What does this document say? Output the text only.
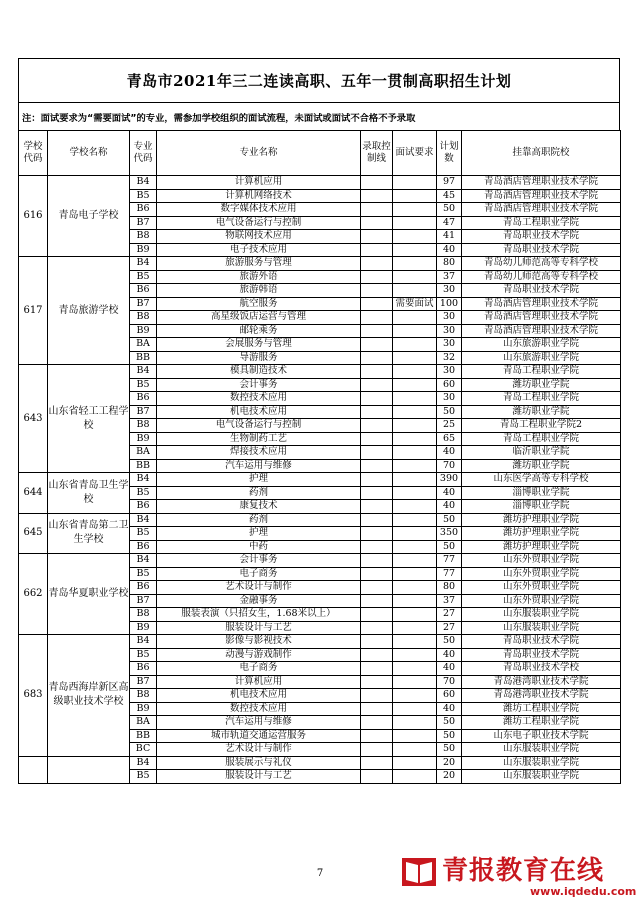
青岛市2021年三二连读高职、五年一贯制高职招生计划
注：面试要求为“需要面试”的专业，需参加学校组织的面试流程，未面试或面试不合格不予录取
学校代码	学校名称	专业代码	专业名称	录取控制线	面试要求	计划数	挂靠高职院校
616	青岛电子学校	B4	计算机应用			97	青岛酒店管理职业技术学院
		B5	计算机网络技术			45	青岛酒店管理职业技术学院
		B6	数字媒体技术应用			50	青岛酒店管理职业技术学院
		B7	电气设备运行与控制			47	青岛工程职业学院
		B8	物联网技术应用			41	青岛职业技术学院
		B9	电子技术应用			40	青岛职业技术学院
617	青岛旅游学校	B4	旅游服务与管理			80	青岛幼儿师范高等专科学校
		B5	旅游外语			37	青岛幼儿师范高等专科学校
		B6	旅游韩语			30	青岛职业技术学院
		B7	航空服务		需要面试	100	青岛酒店管理职业技术学院
		B8	高星级饭店运营与管理			30	青岛酒店管理职业技术学院
		B9	邮轮乘务			30	青岛酒店管理职业技术学院
		BA	会展服务与管理			30	山东旅游职业学院
		BB	导游服务			32	山东旅游职业学院
643	山东省轻工工程学校	B4	模具制造技术			30	青岛工程职业学院
		B5	会计事务			60	潍坊职业学院
		B6	数控技术应用			30	青岛工程职业学院
		B7	机电技术应用			50	潍坊职业学院
		B8	电气设备运行与控制			25	青岛工程职业学院2
		B9	生物制药工艺			65	青岛工程职业学院
		BA	焊接技术应用			40	临沂职业学院
		BB	汽车运用与维修			70	潍坊职业学院
644	山东省青岛卫生学校	B4	护理			390	山东医学高等专科学校
		B5	药剂			40	淄博职业学院
		B6	康复技术			40	淄博职业学院
645	山东省青岛第二卫生学校	B4	药剂			50	潍坊护理职业学院
		B5	护理			350	潍坊护理职业学院
		B6	中药			50	潍坊护理职业学院
662	青岛华夏职业学校	B4	会计事务			77	山东外贸职业学院
		B5	电子商务			77	山东外贸职业学院
		B6	艺术设计与制作			80	山东外贸职业学院
		B7	金融事务			37	山东外贸职业学院
		B8	服装表演（只招女生，1.68米以上）			27	山东服装职业学院
		B9	服装设计与工艺			27	山东服装职业学院
683	青岛西海岸新区高级职业技术学校	B4	影像与影视技术			50	青岛职业技术学院
		B5	动漫与游戏制作			40	青岛职业技术学院
		B6	电子商务			40	青岛职业技术学校
		B7	计算机应用			70	青岛港湾职业技术学院
		B8	机电技术应用			60	青岛港湾职业技术学院
		B9	数控技术应用			40	潍坊工程职业学院
		BA	汽车运用与维修			50	潍坊工程职业学院
		BB	城市轨道交通运营服务			50	山东电子职业技术学院
		BC	艺术设计与制作			50	山东服装职业学院
		B4	服装展示与礼仪			20	山东服装职业学院
		B5	服装设计与工艺			20	山东服装职业学院
7	青报教育在线
www.iqdedu.com
